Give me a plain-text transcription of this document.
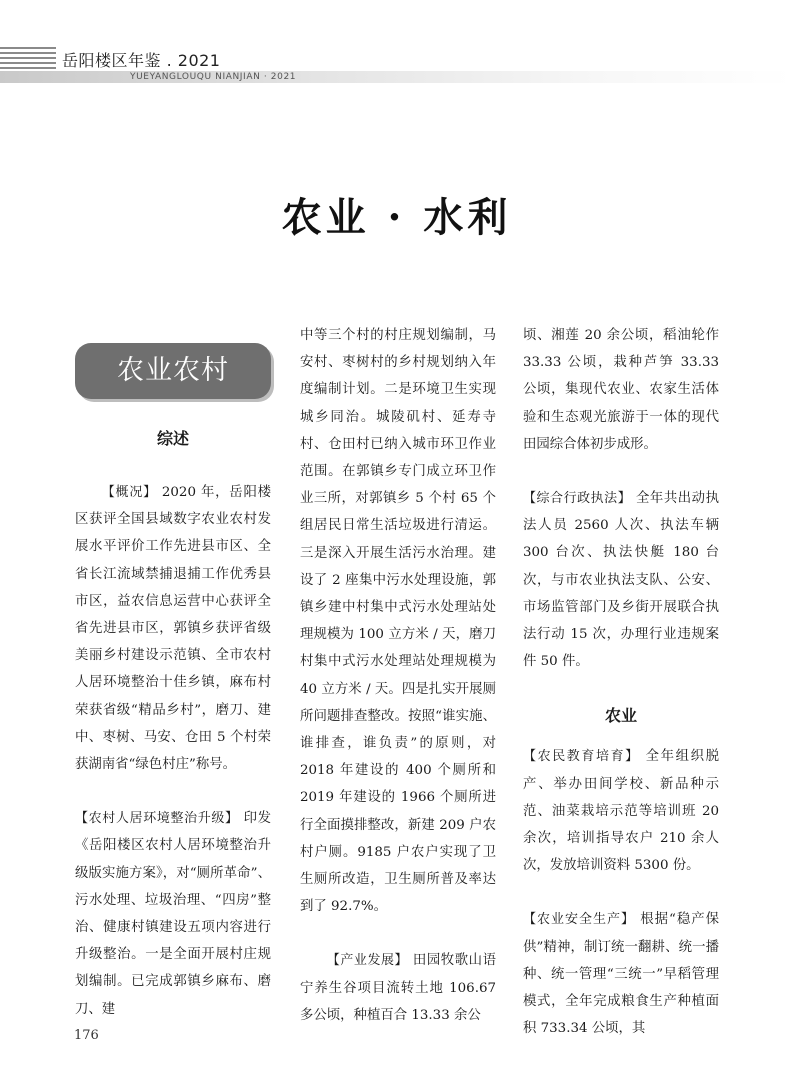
岳阳楼区年鉴 . 2021
YUEYANGLOUQU NIANJIAN · 2021
农业 · 水利
农业农村
综述

【概况】 2020 年，岳阳楼区获评全国县域数字农业农村发展水平评价工作先进县市区、全省长江流域禁捕退捕工作优秀县市区，益农信息运营中心获评全省先进县市区，郭镇乡获评省级美丽乡村建设示范镇、全市农村人居环境整治十佳乡镇，麻布村荣获省级“精品乡村”，磨刀、建中、枣树、马安、仓田 5 个村荣获湖南省“绿色村庄”称号。

【农村人居环境整治升级】 印发《岳阳楼区农村人居环境整治升级版实施方案》，对“厕所革命”、污水处理、垃圾治理、“四房”整治、健康村镇建设五项内容进行升级整治。一是全面开展村庄规划编制。已完成郭镇乡麻布、磨刀、建

中等三个村的村庄规划编制，马安村、枣树村的乡村规划纳入年度编制计划。二是环境卫生实现城乡同治。城陵矶村、延寿寺村、仓田村已纳入城市环卫作业范围。在郭镇乡专门成立环卫作业三所，对郭镇乡 5 个村 65 个组居民日常生活垃圾进行清运。三是深入开展生活污水治理。建设了 2 座集中污水处理设施，郭镇乡建中村集中式污水处理站处理规模为 100 立方米 / 天，磨刀村集中式污水处理站处理规模为 40 立方米 / 天。四是扎实开展厕所问题排查整改。按照“谁实施、谁排查，谁负责”的原则，对 2018 年建设的 400 个厕所和 2019 年建设的 1966 个厕所进行全面摸排整改，新建 209 户农村户厕。9185 户农户实现了卫生厕所改造，卫生厕所普及率达到了 92.7%。

【产业发展】 田园牧歌山语宁养生谷项目流转土地 106.67 多公顷，种植百合 13.33 余公

顷、湘莲 20 余公顷，稻油轮作 33.33 公顷，栽种芦笋 33.33 公顷，集现代农业、农家生活体验和生态观光旅游于一体的现代田园综合体初步成形。

【综合行政执法】 全年共出动执法人员 2560 人次、执法车辆 300 台次、执法快艇 180 台次，与市农业执法支队、公安、市场监管部门及乡街开展联合执法行动 15 次，办理行业违规案件 50 件。

农业

【农民教育培育】 全年组织脱产、举办田间学校、新品种示范、油菜栽培示范等培训班 20 余次，培训指导农户 210 余人次，发放培训资料 5300 份。

【农业安全生产】 根据“稳产保供”精神，制订统一翻耕、统一播种、统一管理“三统一”早稻管理模式，全年完成粮食生产种植面积 733.34 公顷，其

176
